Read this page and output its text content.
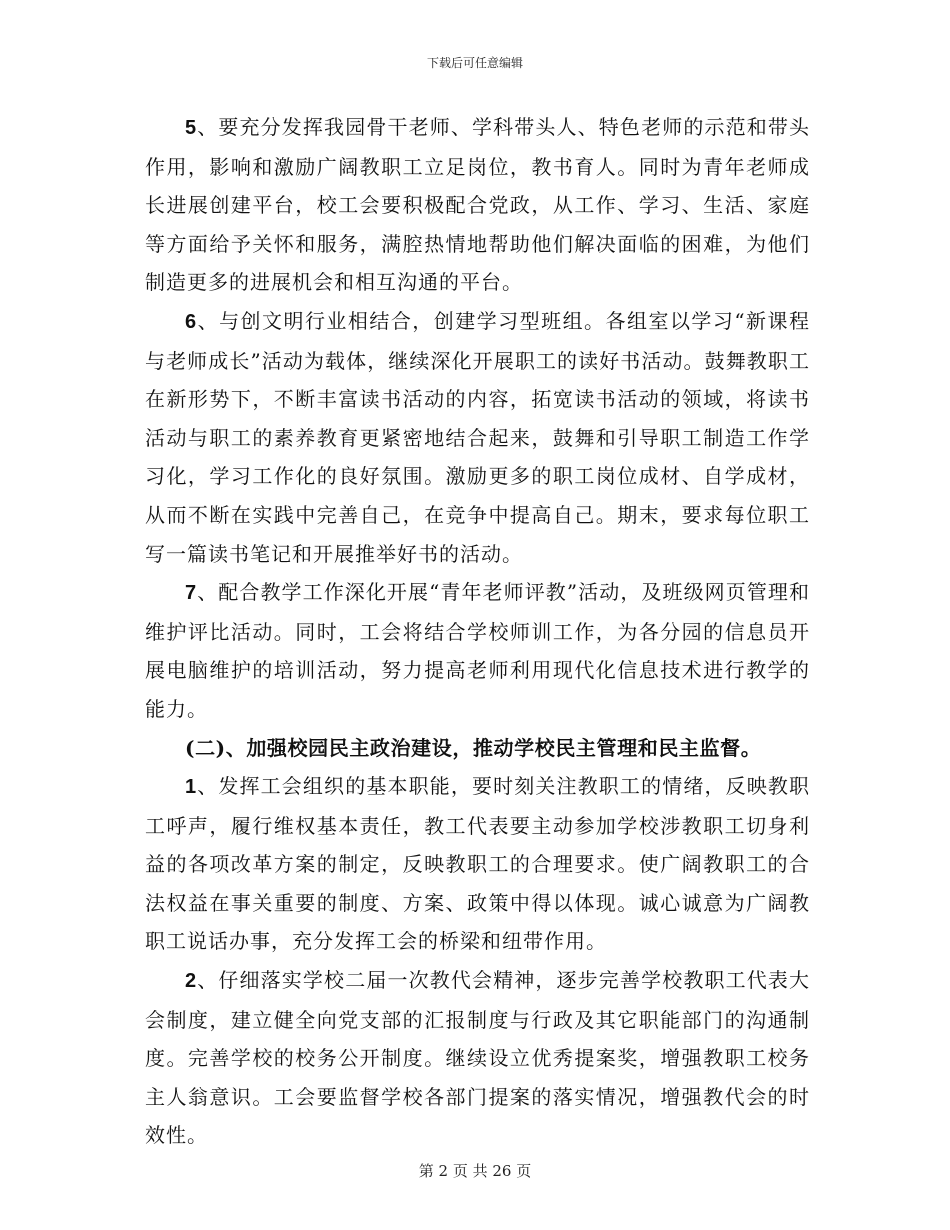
下载后可任意编辑

5、要充分发挥我园骨干老师、学科带头人、特色老师的示范和带头作用，影响和激励广阔教职工立足岗位，教书育人。同时为青年老师成长进展创建平台，校工会要积极配合党政，从工作、学习、生活、家庭等方面给予关怀和服务，满腔热情地帮助他们解决面临的困难，为他们制造更多的进展机会和相互沟通的平台。

6、与创文明行业相结合，创建学习型班组。各组室以学习“新课程与老师成长”活动为载体，继续深化开展职工的读好书活动。鼓舞教职工在新形势下，不断丰富读书活动的内容，拓宽读书活动的领域，将读书活动与职工的素养教育更紧密地结合起来，鼓舞和引导职工制造工作学习化，学习工作化的良好氛围。激励更多的职工岗位成材、自学成材，从而不断在实践中完善自己，在竞争中提高自己。期末，要求每位职工写一篇读书笔记和开展推举好书的活动。

7、配合教学工作深化开展“青年老师评教”活动，及班级网页管理和维护评比活动。同时，工会将结合学校师训工作，为各分园的信息员开展电脑维护的培训活动，努力提高老师利用现代化信息技术进行教学的能力。

(二)、加强校园民主政治建设，推动学校民主管理和民主监督。

1、发挥工会组织的基本职能，要时刻关注教职工的情绪，反映教职工呼声，履行维权基本责任，教工代表要主动参加学校涉教职工切身利益的各项改革方案的制定，反映教职工的合理要求。使广阔教职工的合法权益在事关重要的制度、方案、政策中得以体现。诚心诚意为广阔教职工说话办事，充分发挥工会的桥梁和纽带作用。

2、仔细落实学校二届一次教代会精神，逐步完善学校教职工代表大会制度，建立健全向党支部的汇报制度与行政及其它职能部门的沟通制度。完善学校的校务公开制度。继续设立优秀提案奖，增强教职工校务主人翁意识。工会要监督学校各部门提案的落实情况，增强教代会的时效性。

第 2 页 共 26 页
